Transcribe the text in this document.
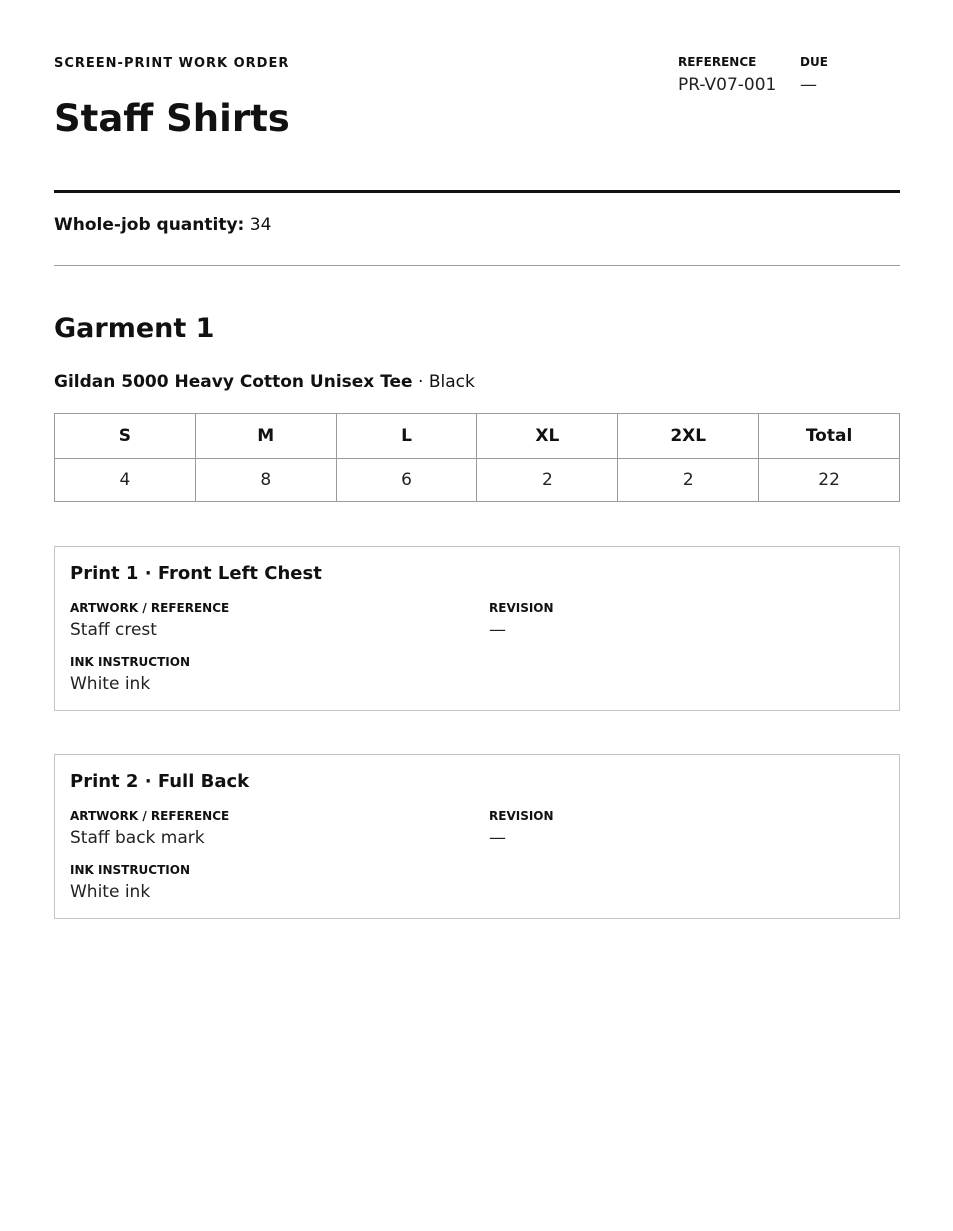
SCREEN-PRINT WORK ORDER
Staff Shirts
REFERENCE
PR-V07-001
DUE
—
Whole-job quantity: 34
Garment 1
Gildan 5000 Heavy Cotton Unisex Tee · Black
S	M	L	XL	2XL	Total
4	8	6	2	2	22
Print 1 · Front Left Chest
ARTWORK / REFERENCE
Staff crest
REVISION
—
INK INSTRUCTION
White ink
Print 2 · Full Back
ARTWORK / REFERENCE
Staff back mark
REVISION
—
INK INSTRUCTION
White ink
